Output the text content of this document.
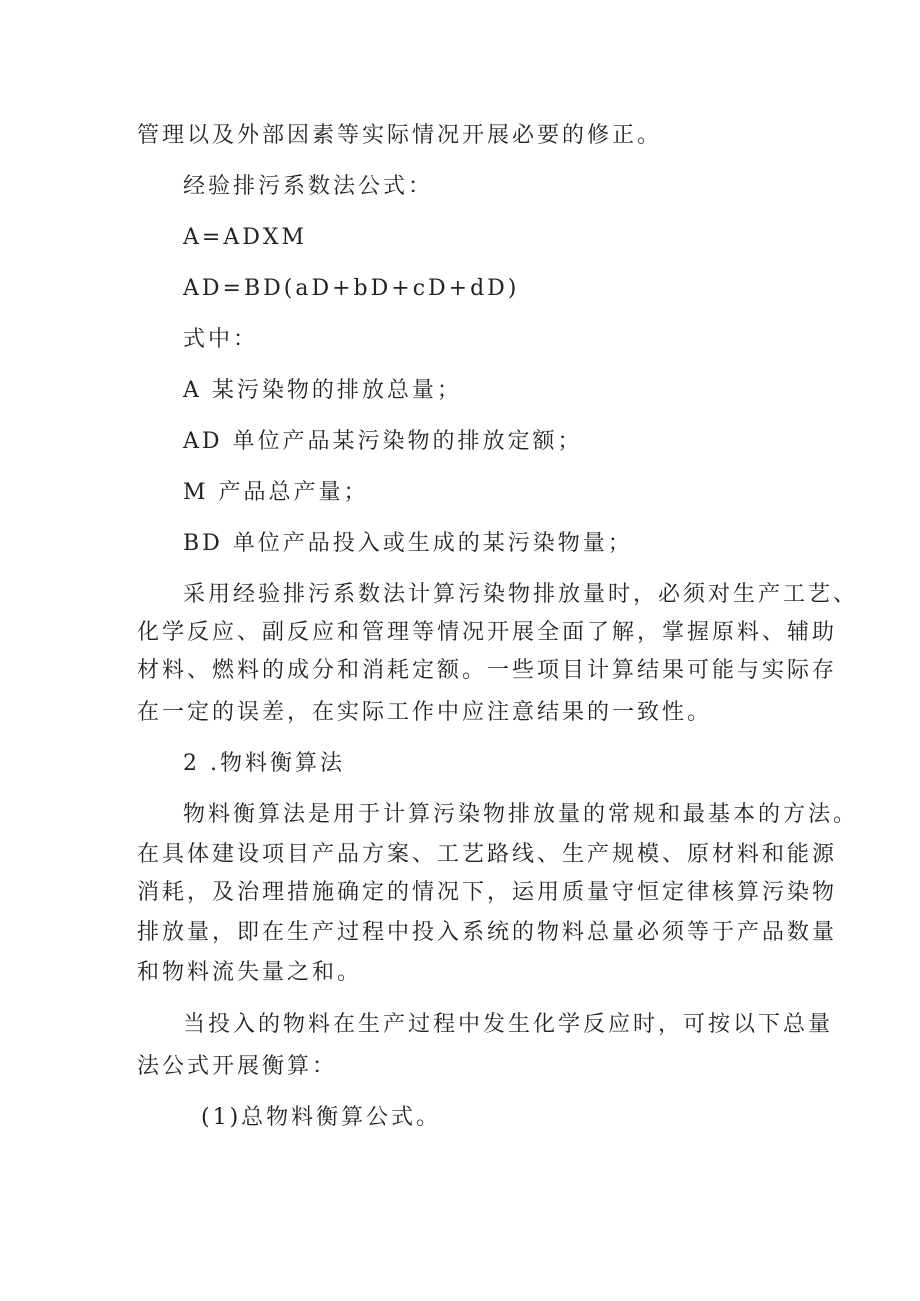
管理以及外部因素等实际情况开展必要的修正。
经验排污系数法公式：
A=ADXM
AD=BD(aD+bD+cD+dD)
式中：
A 某污染物的排放总量；
AD 单位产品某污染物的排放定额；
M 产品总产量；
BD 单位产品投入或生成的某污染物量；
采用经验排污系数法计算污染物排放量时，必须对生产工艺、
化学反应、副反应和管理等情况开展全面了解，掌握原料、辅助
材料、燃料的成分和消耗定额。一些项目计算结果可能与实际存
在一定的误差，在实际工作中应注意结果的一致性。
2 .物料衡算法
物料衡算法是用于计算污染物排放量的常规和最基本的方法。
在具体建设项目产品方案、工艺路线、生产规模、原材料和能源
消耗，及治理措施确定的情况下，运用质量守恒定律核算污染物
排放量，即在生产过程中投入系统的物料总量必须等于产品数量
和物料流失量之和。
当投入的物料在生产过程中发生化学反应时，可按以下总量
法公式开展衡算：
(1)总物料衡算公式。
